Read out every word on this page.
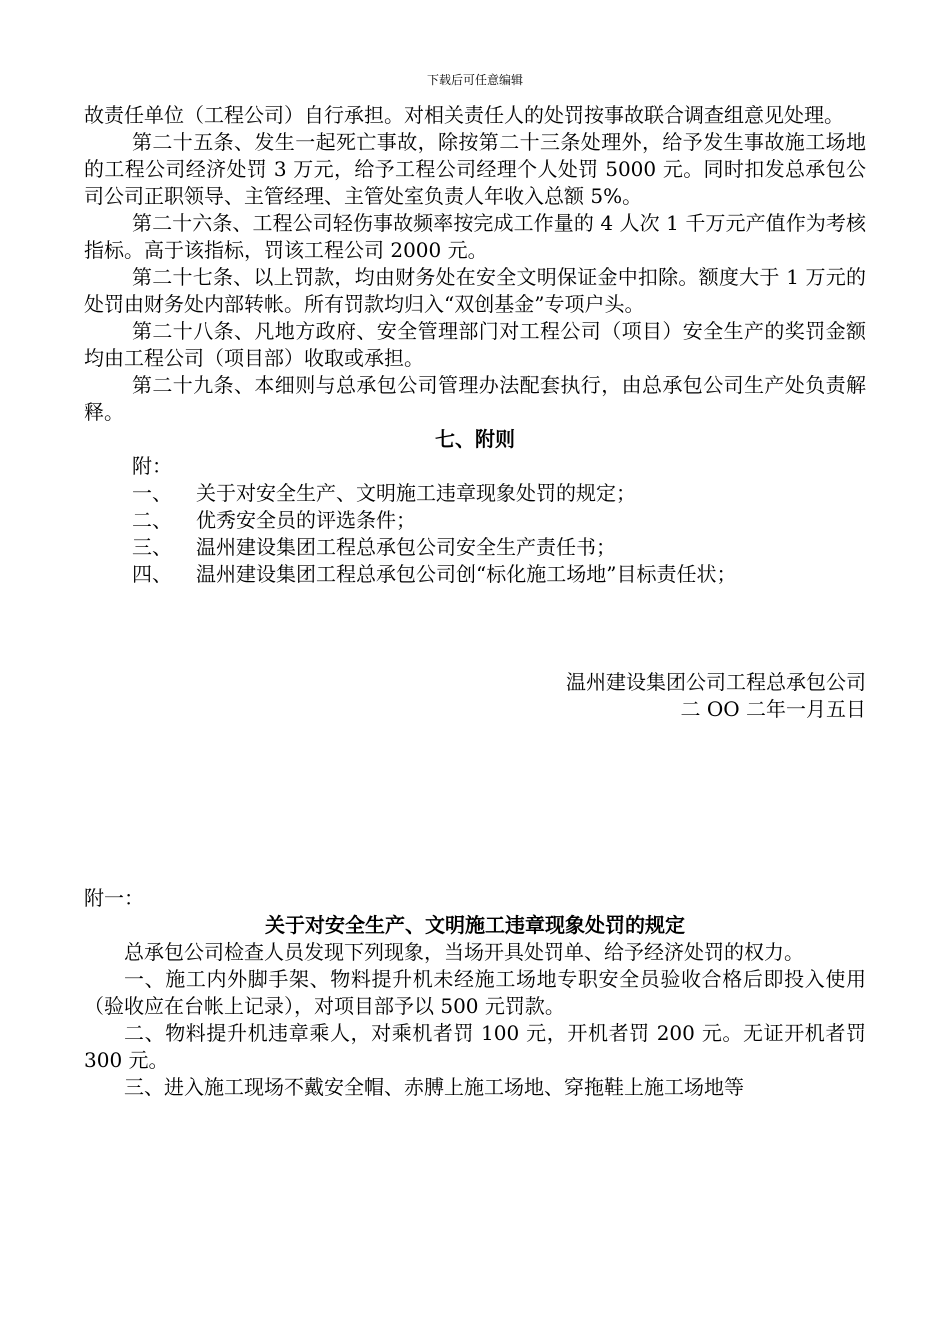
下载后可任意编辑

故责任单位（工程公司）自行承担。对相关责任人的处罚按事故联合调查组意见处理。

第二十五条、发生一起死亡事故，除按第二十三条处理外，给予发生事故施工场地的工程公司经济处罚 3 万元，给予工程公司经理个人处罚 5000 元。同时扣发总承包公司公司正职领导、主管经理、主管处室负责人年收入总额 5%。

第二十六条、工程公司轻伤事故频率按完成工作量的 4 人次 1 千万元产值作为考核指标。高于该指标，罚该工程公司 2000 元。

第二十七条、以上罚款，均由财务处在安全文明保证金中扣除。额度大于 1 万元的处罚由财务处内部转帐。所有罚款均归入“双创基金”专项户头。

第二十八条、凡地方政府、安全管理部门对工程公司（项目）安全生产的奖罚金额均由工程公司（项目部）收取或承担。

第二十九条、本细则与总承包公司管理办法配套执行，由总承包公司生产处负责解释。

七、附则

附：

一、	关于对安全生产、文明施工违章现象处罚的规定；
二、	优秀安全员的评选条件；
三、	温州建设集团工程总承包公司安全生产责任书；
四、	温州建设集团工程总承包公司创“标化施工场地”目标责任状；

温州建设集团公司工程总承包公司

二 OO 二年一月五日

附一：

关于对安全生产、文明施工违章现象处罚的规定

总承包公司检查人员发现下列现象，当场开具处罚单、给予经济处罚的权力。

一、施工内外脚手架、物料提升机未经施工场地专职安全员验收合格后即投入使用（验收应在台帐上记录），对项目部予以 500 元罚款。

二、物料提升机违章乘人，对乘机者罚 100 元，开机者罚 200 元。无证开机者罚 300 元。

三、进入施工现场不戴安全帽、赤膊上施工场地、穿拖鞋上施工场地等
